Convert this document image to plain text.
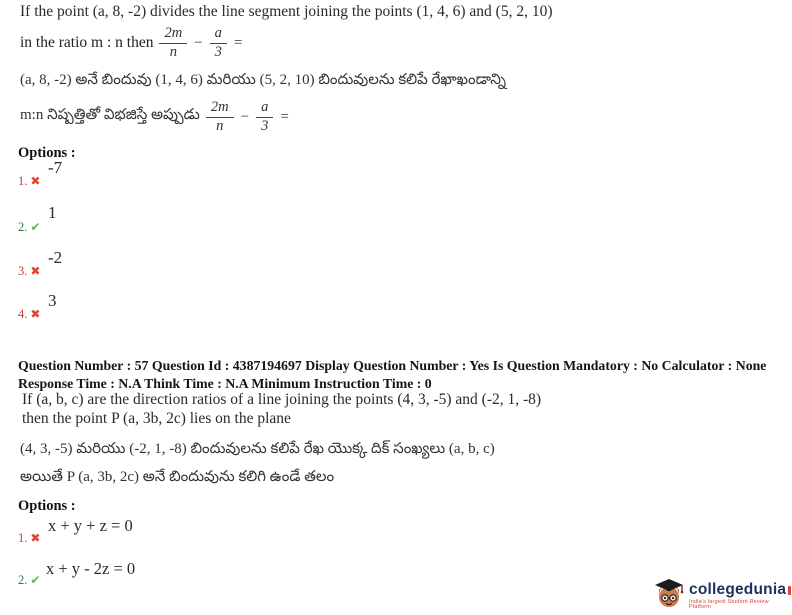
If the point (a, 8, -2) divides the line segment joining the points (1, 4, 6) and (5, 2, 10)
in the ratio m : n then $\frac{2m}{n} - \frac{a}{3}$ =
(a, 8, -2) అనే బిందువు (1, 4, 6) మరియు (5, 2, 10) బిందువులను కలిపే రేఖాఖండాన్ని
m:n నిష్పత్తితో విభజిస్తే అప్పుడు $\frac{2m}{n} - \frac{a}{3}$ =
Options :
1. ✖
-7
2. ✔
1
3. ✖
-2
4. ✖
3
Question Number : 57 Question Id : 4387194697 Display Question Number : Yes Is Question Mandatory : No Calculator : None Response Time : N.A Think Time : N.A Minimum Instruction Time : 0
If (a, b, c) are the direction ratios of a line joining the points (4, 3, -5) and (-2, 1, -8)
then the point P (a, 3b, 2c) lies on the plane
(4, 3, -5) మరియు (-2, 1, -8) బిందువులను కలిపే రేఖ యొక్క దిక్ సంఖ్యలు (a, b, c)
అయితే P (a, 3b, 2c) అనే బిందువును కలిగి ఉండే తలం
Options :
1. ✖
x + y + z = 0
2. ✔
x + y - 2z = 0
collegedunia
India's largest Student Review Platform
